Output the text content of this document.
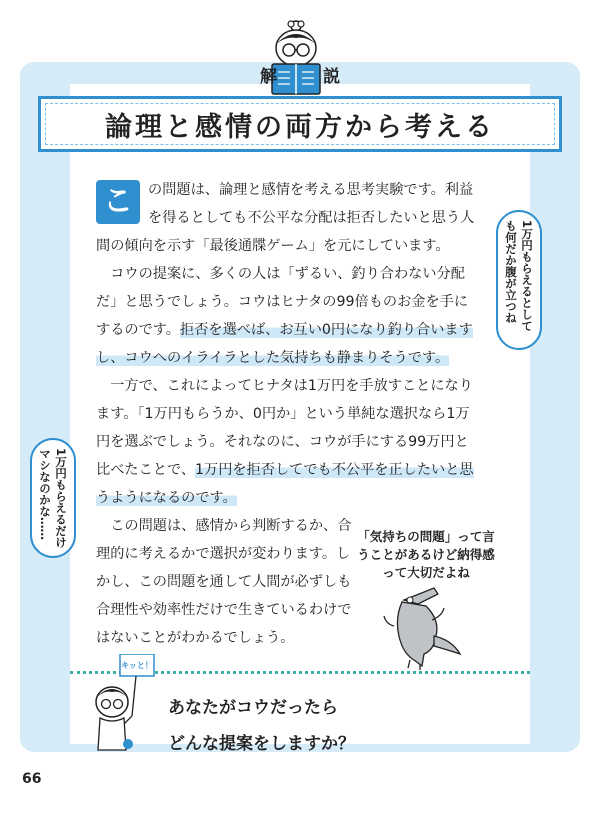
解説
論理と感情の両方から考える

こ	の問題は、論理と感情を考える思考実験です。利益を得るとしても不公平な分配は拒否したいと思う人間の傾向を示す「最後通牒ゲーム」を元にしています。

コウの提案に、多くの人は「ずるい、釣り合わない分配だ」と思うでしょう。コウはヒナタの99倍ものお金を手にするのです。拒否を選べば、お互い0円になり釣り合いますし、コウへのイライラとした気持ちも静まりそうです。

一方で、これによってヒナタは1万円を手放すことになります。「1万円もらうか、0円か」という単純な選択なら1万円を選ぶでしょう。それなのに、コウが手にする99万円と比べたことで、1万円を拒否してでも不公平を正したいと思うようになるのです。

この問題は、感情から判断するか、合理的に考えるかで選択が変わります。しかし、この問題を通して人間が必ずしも合理性や効率性だけで生きているわけではないことがわかるでしょう。

1万円もらえるとしても何だか腹が立つね
1万円もらえるだけマシなのかな……	「気持ちの問題」って言うことがあるけど納得感って大切だよね
キッと！
あなたがコウだったら
どんな提案をしますか？
66
